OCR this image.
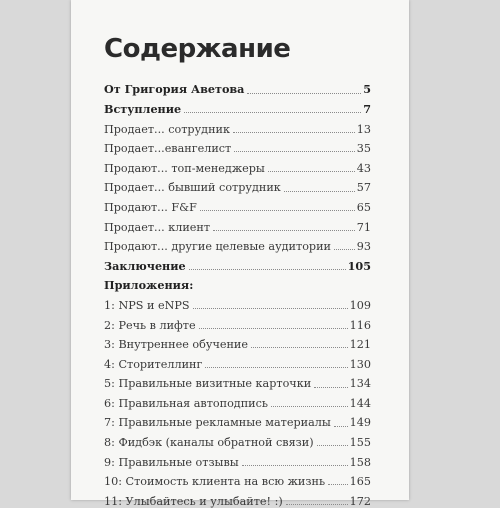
Содержание
От Григория Аветова	5
Вступление	7
Продает... сотрудник	13
Продает...евангелист	35
Продают... топ-менеджеры	43
Продает... бывший сотрудник	57
Продают... F&F	65
Продает... клиент	71
Продают... другие целевые аудитории 93
Заключение	105
Приложения:
1: NPS и eNPS	109
2: Речь в лифте	116
3: Внутреннее обучение	121
4: Сторителлинг	130
5: Правильные визитные карточки	134
6: Правильная автоподпись	144
7: Правильные рекламные материалы 149
8: Фидбэк (каналы обратной связи)	155
9: Правильные отзывы	158
10: Стоимость клиента на всю жизнь 165
11: Улыбайтесь и улыбайте! :)	172
